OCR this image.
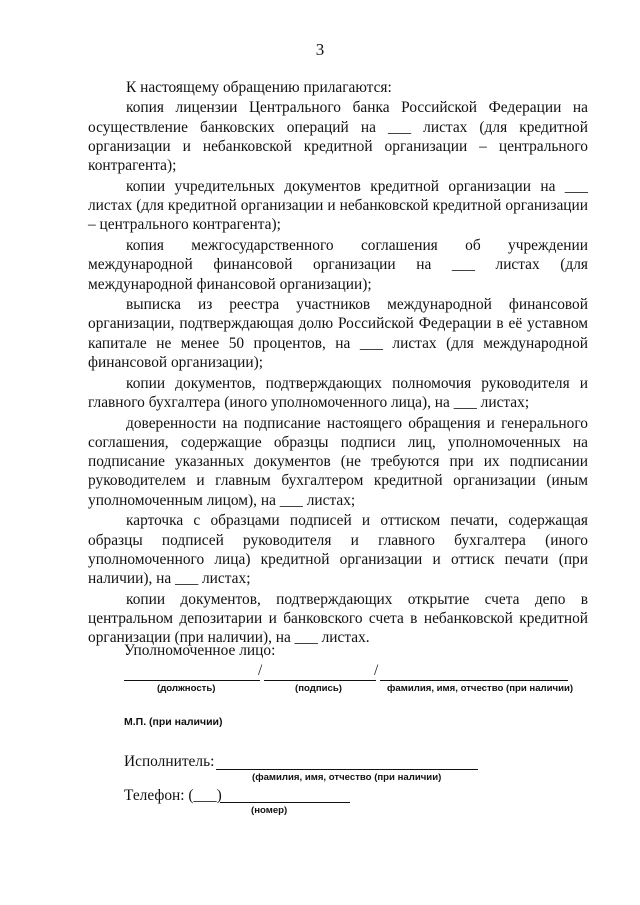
3

К настоящему обращению прилагаются:

копия лицензии Центрального банка Российской Федерации на осуществление банковских операций на ___ листах (для кредитной организации и небанковской кредитной организации – центрального контрагента);

копии учредительных документов кредитной организации на ___ листах (для кредитной организации и небанковской кредитной организации – центрального контрагента);

копия межгосударственного соглашения об учреждении международной финансовой организации на ___ листах (для международной финансовой организации);

выписка из реестра участников международной финансовой организации, подтверждающая долю Российской Федерации в её уставном капитале не менее 50 процентов, на ___ листах (для международной финансовой организации);

копии документов, подтверждающих полномочия руководителя и главного бухгалтера (иного уполномоченного лица), на ___ листах;

доверенности на подписание настоящего обращения и генерального соглашения, содержащие образцы подписи лиц, уполномоченных на подписание указанных документов (не требуются при их подписании руководителем и главным бухгалтером кредитной организации (иным уполномоченным лицом), на ___ листах;

карточка с образцами подписей и оттиском печати, содержащая образцы подписей руководителя и главного бухгалтера (иного уполномоченного лица) кредитной организации и оттиск печати (при наличии), на ___ листах;

копии документов, подтверждающих открытие счета депо в центральном депозитарии и банковского счета в небанковской кредитной организации (при наличии), на ___ листах.

Уполномоченное лицо:
/	/
(должность)	(подпись)	фамилия, имя, отчество (при наличии)
М.П. (при наличии)
Исполнитель:
(фамилия, имя, отчество (при наличии)
Телефон: (___)
(номер)
